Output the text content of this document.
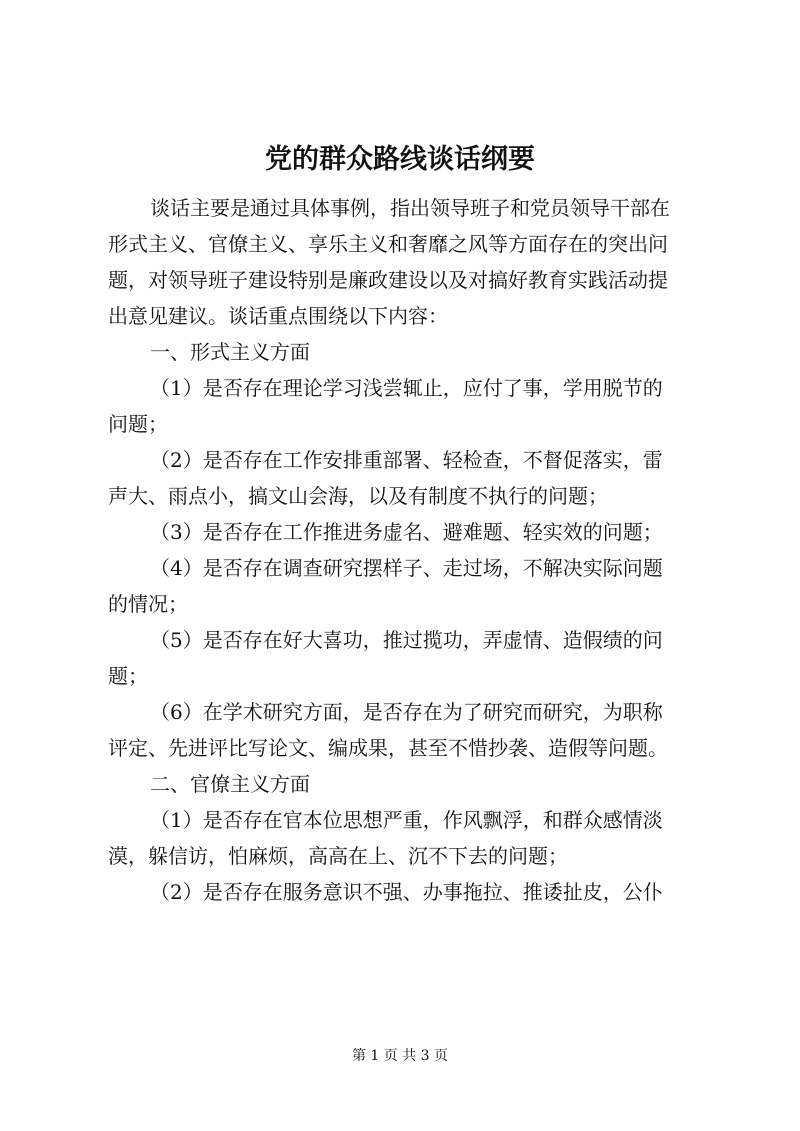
党的群众路线谈话纲要
谈话主要是通过具体事例，指出领导班子和党员领导干部在
形式主义、官僚主义、享乐主义和奢靡之风等方面存在的突出问
题，对领导班子建设特别是廉政建设以及对搞好教育实践活动提
出意见建议。谈话重点围绕以下内容：
一、形式主义方面
（1）是否存在理论学习浅尝辄止，应付了事，学用脱节的
问题；
（2）是否存在工作安排重部署、轻检查，不督促落实，雷
声大、雨点小，搞文山会海，以及有制度不执行的问题；
（3）是否存在工作推进务虚名、避难题、轻实效的问题；
（4）是否存在调查研究摆样子、走过场，不解决实际问题
的情况；
（5）是否存在好大喜功，推过揽功，弄虚情、造假绩的问
题；
（6）在学术研究方面，是否存在为了研究而研究，为职称
评定、先进评比写论文、编成果，甚至不惜抄袭、造假等问题。
二、官僚主义方面
（1）是否存在官本位思想严重，作风飘浮，和群众感情淡
漠，躲信访，怕麻烦，高高在上、沉不下去的问题；
（2）是否存在服务意识不强、办事拖拉、推诿扯皮，公仆
第 1 页 共 3 页
